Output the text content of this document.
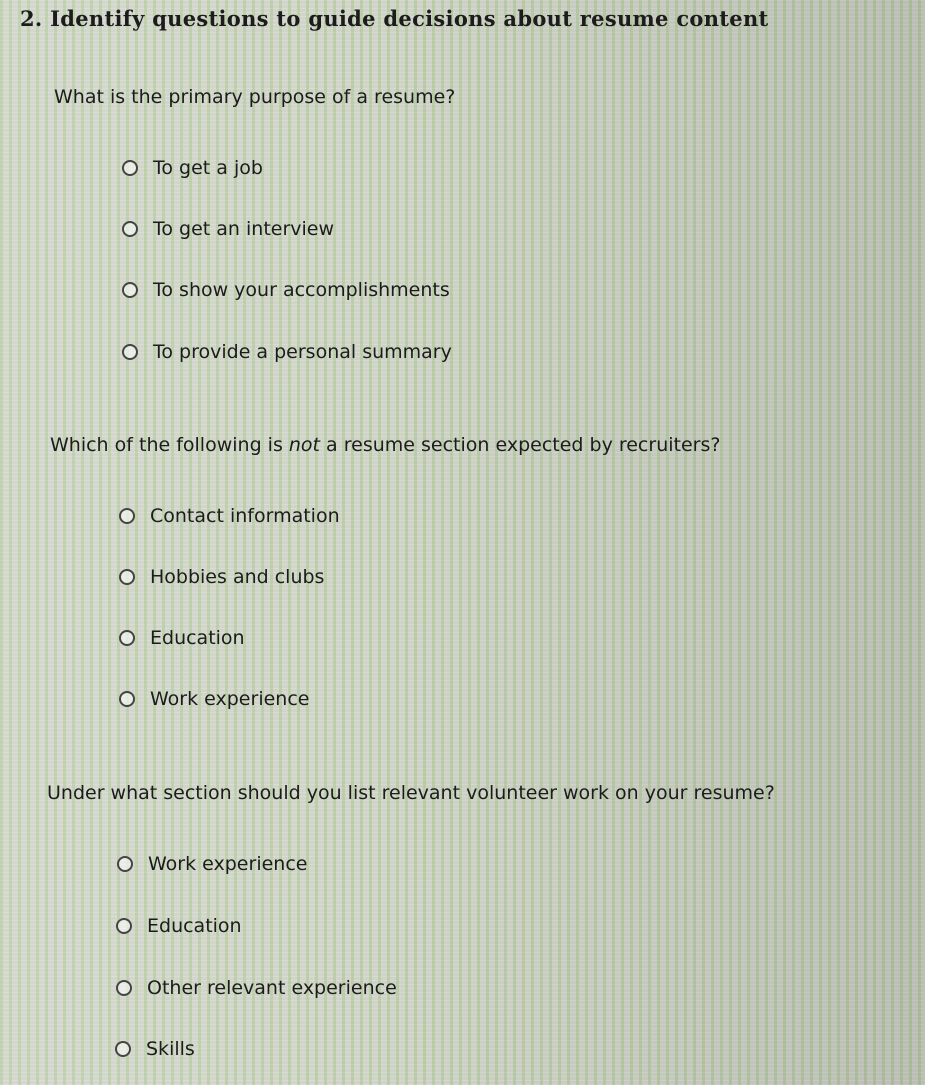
2. Identify questions to guide decisions about resume content
What is the primary purpose of a resume?
To get a job
To get an interview
To show your accomplishments
To provide a personal summary
Which of the following is not a resume section expected by recruiters?
Contact information
Hobbies and clubs
Education
Work experience
Under what section should you list relevant volunteer work on your resume?
Work experience
Education
Other relevant experience
Skills
